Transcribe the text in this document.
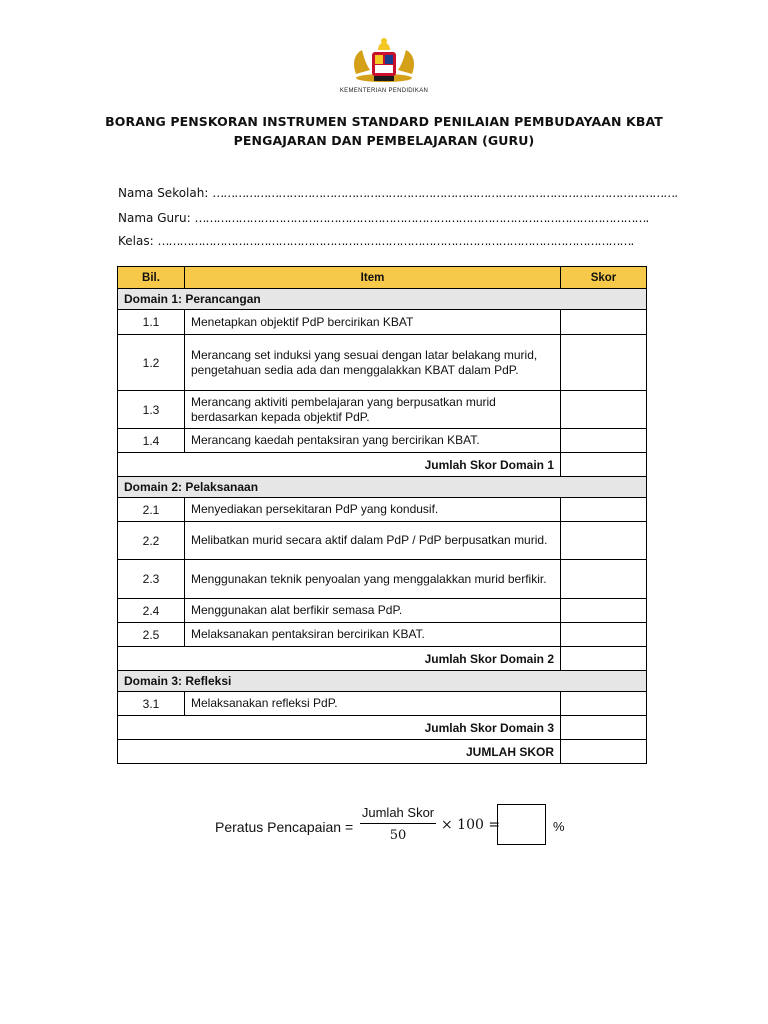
KEMENTERIAN PENDIDIKAN
BORANG PENSKORAN INSTRUMEN STANDARD PENILAIAN PEMBUDAYAAN KBAT
PENGAJARAN DAN PEMBELAJARAN (GURU)
Nama Sekolah: ……………………………………………………………………………………………………………….
Nama Guru: …………………………………………………………………………………………………………….
Kelas: ………………………………………………………………………………………………………………….
Bil.	Item	Skor
Domain 1: Perancangan		
1.1	Menetapkan objektif PdP bercirikan KBAT	
1.2	Merancang set induksi yang sesuai dengan latar belakang murid, pengetahuan sedia ada dan menggalakkan KBAT dalam PdP.	
1.3	Merancang aktiviti pembelajaran yang berpusatkan murid berdasarkan kepada objektif PdP.	
1.4	Merancang kaedah pentaksiran yang bercirikan KBAT.	
Jumlah Skor Domain 1		
Domain 2: Pelaksanaan		
2.1	Menyediakan persekitaran PdP yang kondusif.	
2.2	Melibatkan murid secara aktif dalam PdP / PdP berpusatkan murid.	
2.3	Menggunakan teknik penyoalan yang menggalakkan murid berfikir.	
2.4	Menggunakan alat berfikir semasa PdP.	
2.5	Melaksanakan pentaksiran bercirikan KBAT.	
Jumlah Skor Domain 2		
Domain 3: Refleksi		
3.1	Melaksanakan refleksi PdP.	
Jumlah Skor Domain 3		
JUMLAH SKOR		
Peratus Pencapaian =
Jumlah Skor
50
× 100 =	%
